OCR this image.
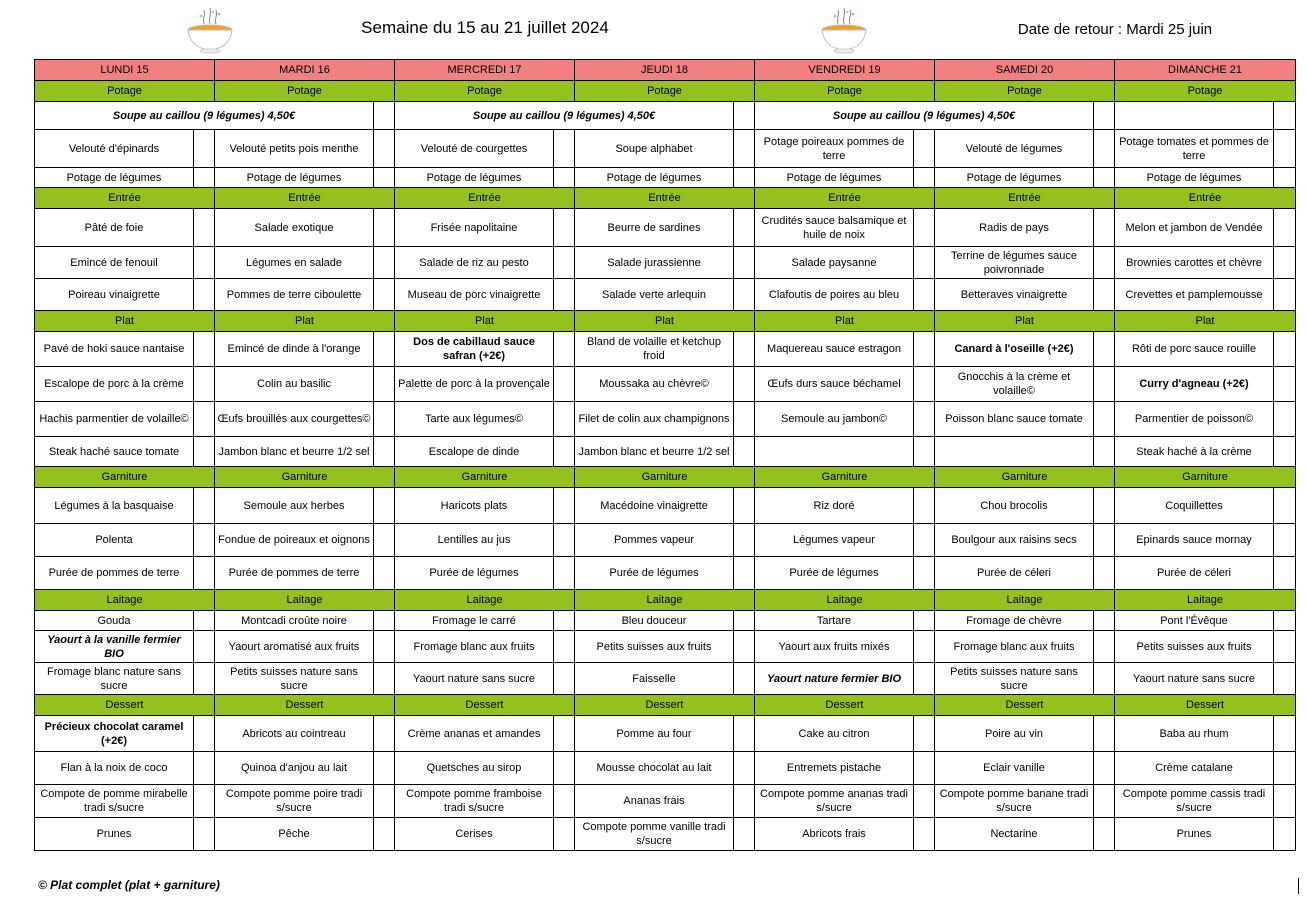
Semaine du 15 au 21 juillet 2024	Date de retour : Mardi 25 juin
LUNDI 15		MARDI 16		MERCREDI 17		JEUDI 18		VENDREDI 19		SAMEDI 20		DIMANCHE 21	
Potage		Potage		Potage		Potage		Potage		Potage		Potage	
Soupe au caillou (9 légumes) 4,50€				Soupe au caillou (9 légumes) 4,50€				Soupe au caillou (9 légumes) 4,50€					
Velouté d'épinards		Velouté petits pois menthe		Velouté de courgettes		Soupe alphabet		Potage poireaux pommes de terre		Velouté de légumes		Potage tomates et pommes de terre	
Potage de légumes		Potage de légumes		Potage de légumes		Potage de légumes		Potage de légumes		Potage de légumes		Potage de légumes	
Entrée		Entrée		Entrée		Entrée		Entrée		Entrée		Entrée	
Pâté de foie		Salade exotique		Frisée napolitaine		Beurre de sardines		Crudités sauce balsamique et huile de noix		Radis de pays		Melon et jambon de Vendée	
Emincé de fenouil		Légumes en salade		Salade de riz au pesto		Salade jurassienne		Salade paysanne		Terrine de légumes sauce poivronnade		Brownies carottes et chèvre	
Poireau vinaigrette		Pommes de terre ciboulette		Museau de porc vinaigrette		Salade verte arlequin		Clafoutis de poires au bleu		Betteraves vinaigrette		Crevettes et pamplemousse	
Plat		Plat		Plat		Plat		Plat		Plat		Plat	
Pavé de hoki sauce nantaise		Emincé de dinde à l'orange		Dos de cabillaud sauce safran (+2€)		Bland de volaille et ketchup froid		Maquereau sauce estragon		Canard à l'oseille (+2€)		Rôti de porc sauce rouille	
Escalope de porc à la crème		Colin au basilic		Palette de porc à la provençale		Moussaka au chèvre©		Œufs durs sauce béchamel		Gnocchis à la crème et volaille©		Curry d'agneau (+2€)	
Hachis parmentier de volaille©		Œufs brouillés aux courgettes©		Tarte aux légumes©		Filet de colin aux champignons		Semoule au jambon©		Poisson blanc sauce tomate		Parmentier de poisson©	
Steak haché sauce tomate		Jambon blanc et beurre 1/2 sel		Escalope de dinde		Jambon blanc et beurre 1/2 sel						Steak haché à la crème	
Garniture		Garniture		Garniture		Garniture		Garniture		Garniture		Garniture	
Légumes à la basquaise		Semoule aux herbes		Haricots plats		Macédoine vinaigrette		Riz doré		Chou brocolis		Coquillettes	
Polenta		Fondue de poireaux et oignons		Lentilles au jus		Pommes vapeur		Légumes vapeur		Boulgour aux raisins secs		Epinards sauce mornay	
Purée de pommes de terre		Purée de pommes de terre		Purée de légumes		Purée de légumes		Purée de légumes		Purée de céleri		Purée de céleri	
Laitage		Laitage		Laitage		Laitage		Laitage		Laitage		Laitage	
Gouda		Montcadi croûte noire		Fromage le carré		Bleu douceur		Tartare		Fromage de chèvre		Pont l'Évêque	
Yaourt à la vanille fermier BIO		Yaourt aromatisé aux fruits		Fromage blanc aux fruits		Petits suisses aux fruits		Yaourt aux fruits mixés		Fromage blanc aux fruits		Petits suisses aux fruits	
Fromage blanc nature sans sucre		Petits suisses nature sans sucre		Yaourt nature sans sucre		Faisselle		Yaourt nature fermier BIO		Petits suisses nature sans sucre		Yaourt nature sans sucre	
Dessert		Dessert		Dessert		Dessert		Dessert		Dessert		Dessert	
Précieux chocolat caramel (+2€)		Abricots au cointreau		Crème ananas et amandes		Pomme au four		Cake au citron		Poire au vin		Baba au rhum	
Flan à la noix de coco		Quinoa d'anjou au lait		Quetsches au sirop		Mousse chocolat au lait		Entremets pistache		Eclair vanille		Crème catalane	
Compote de pomme mirabelle tradi s/sucre		Compote pomme poire tradi s/sucre		Compote pomme framboise tradi s/sucre		Ananas frais		Compote pomme ananas tradi s/sucre		Compote pomme banane tradi s/sucre		Compote pomme cassis tradi s/sucre	
Prunes		Pêche		Cerises		Compote pomme vanille tradi s/sucre		Abricots frais		Nectarine		Prunes	
© Plat complet (plat + garniture)
